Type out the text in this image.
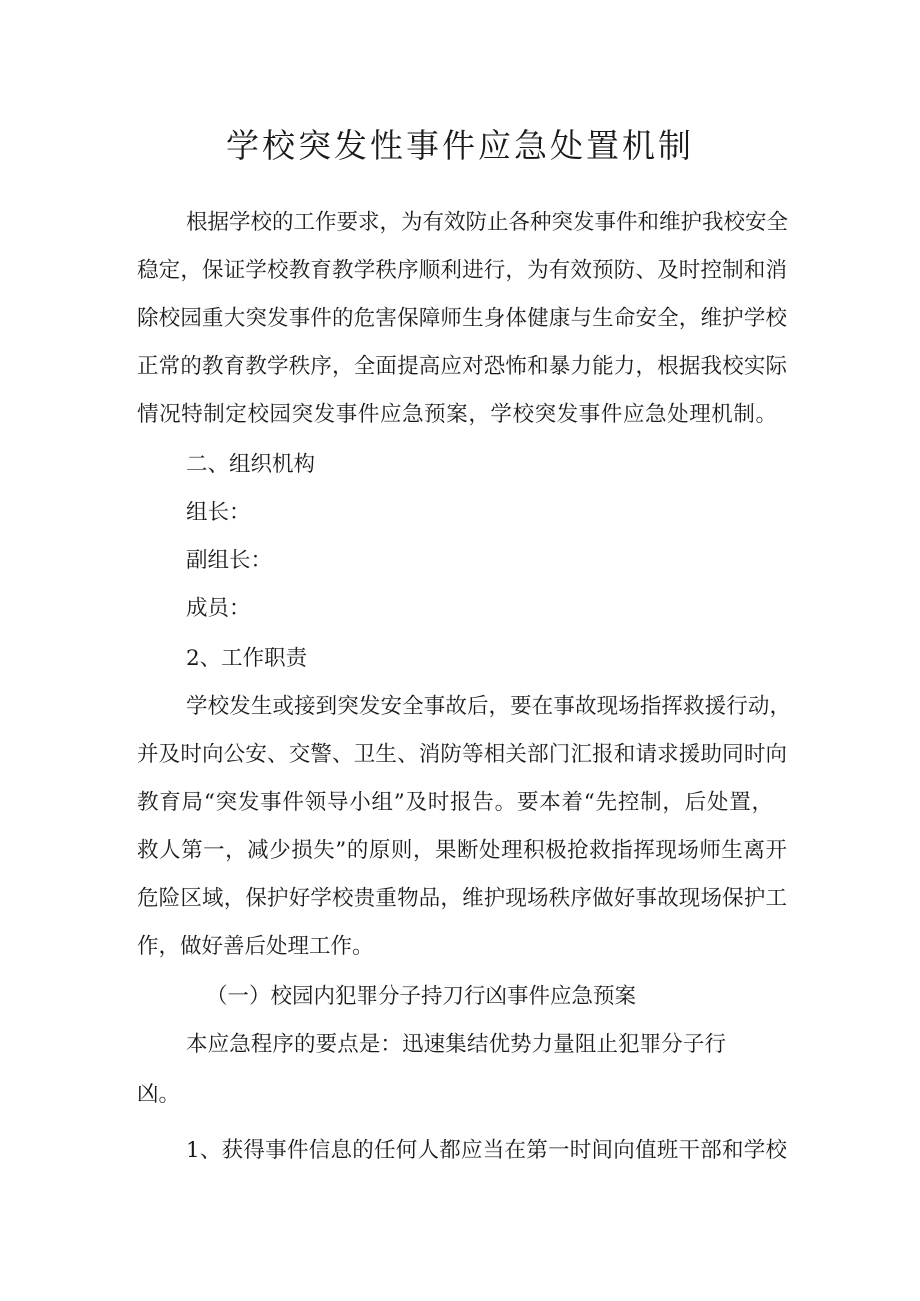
学校突发性事件应急处置机制

根据学校的工作要求，为有效防止各种突发事件和维护我校安全

稳定，保证学校教育教学秩序顺利进行，为有效预防、及时控制和消

除校园重大突发事件的危害保障师生身体健康与生命安全，维护学校

正常的教育教学秩序，全面提高应对恐怖和暴力能力，根据我校实际

情况特制定校园突发事件应急预案，学校突发事件应急处理机制。

二、组织机构

组长：

副组长：

成员：

2、工作职责

学校发生或接到突发安全事故后，要在事故现场指挥救援行动，

并及时向公安、交警、卫生、消防等相关部门汇报和请求援助同时向

教育局“突发事件领导小组”及时报告。要本着“先控制，后处置，

救人第一，减少损失”的原则，果断处理积极抢救指挥现场师生离开

危险区域，保护好学校贵重物品，维护现场秩序做好事故现场保护工

作，做好善后处理工作。

（一）校园内犯罪分子持刀行凶事件应急预案

本应急程序的要点是：迅速集结优势力量阻止犯罪分子行

凶。

1、获得事件信息的任何人都应当在第一时间向值班干部和学校
